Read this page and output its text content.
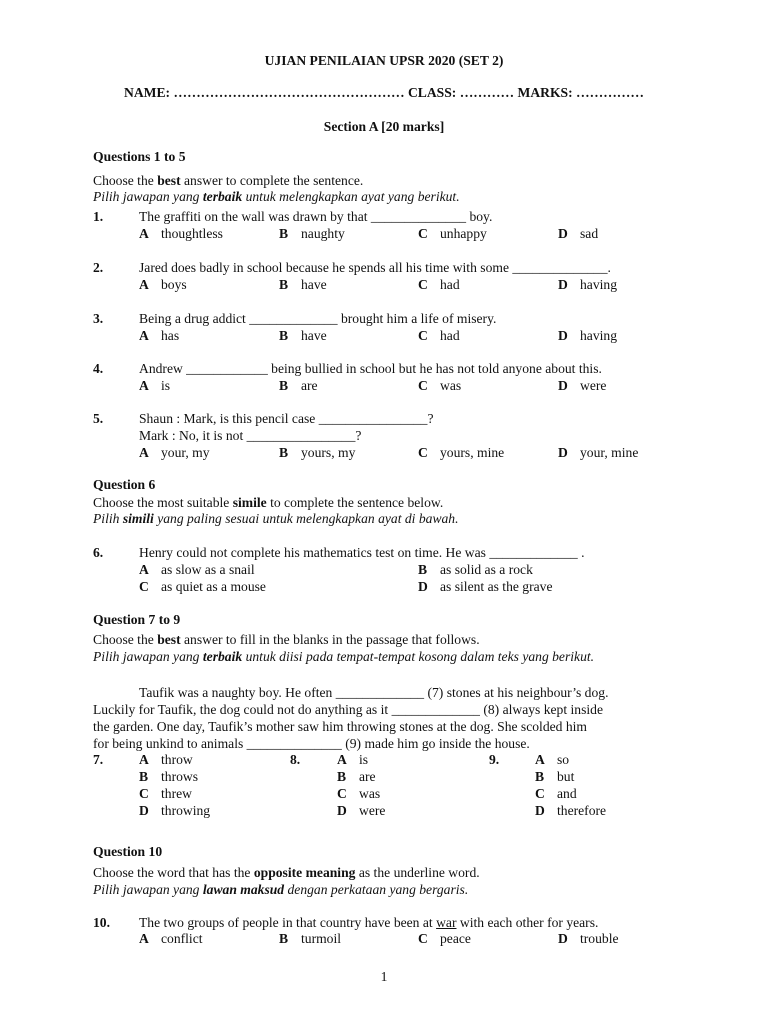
UJIAN PENILAIAN UPSR 2020 (SET 2)
NAME: …………………………………………… CLASS: ………… MARKS: ……………
Section A [20 marks]
Questions 1 to 5
Choose the best answer to complete the sentence.
Pilih jawapan yang terbaik untuk melengkapkan ayat yang berikut.
1.	The graffiti on the wall was drawn by that ______________ boy.
A thoughtless	B naughty	C unhappy	D sad
2.	Jared does badly in school because he spends all his time with some ______________.
A boys	B have	C had	D having
3.	Being a drug addict _____________ brought him a life of misery.
A has	B have	C had	D having
4.	Andrew ____________ being bullied in school but he has not told anyone about this.
A is	B are	C was	D were
5.	Shaun : Mark, is this pencil case ________________?
Mark : No, it is not ________________?
A your, my	B yours, my	C yours, mine	D your, mine
Question 6
Choose the most suitable simile to complete the sentence below.
Pilih simili yang paling sesuai untuk melengkapkan ayat di bawah.
6.	Henry could not complete his mathematics test on time. He was _____________ .
A as slow as a snail	B as solid as a rock
C as quiet as a mouse	D as silent as the grave
Question 7 to 9
Choose the best answer to fill in the blanks in the passage that follows.
Pilih jawapan yang terbaik untuk diisi pada tempat-tempat kosong dalam teks yang berikut.
Taufik was a naughty boy. He often _____________ (7) stones at his neighbour’s dog.
Luckily for Taufik, the dog could not do anything as it _____________ (8) always kept inside
the garden. One day, Taufik’s mother saw him throwing stones at the dog. She scolded him
for being unkind to animals ______________ (9) made him go inside the house.
7.	A throw
B throws
C threw
D throwing
8.	A is
B are
C was
D were
9.	A so
B but
C and
D therefore
Question 10
Choose the word that has the opposite meaning as the underline word.
Pilih jawapan yang lawan maksud dengan perkataan yang bergaris.
10. The two groups of people in that country have been at war with each other for years.
A conflict	B turmoil	C peace	D trouble
1
